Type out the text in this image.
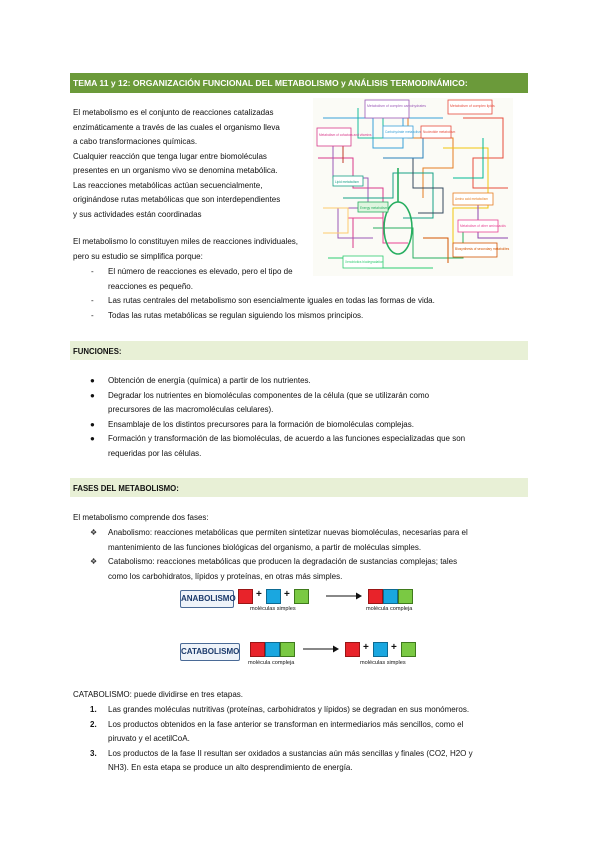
TEMA 11 y 12: ORGANIZACIÓN FUNCIONAL DEL METABOLISMO y ANÁLISIS TERMODINÁMICO:
El metabolismo es el conjunto de reacciones catalizadas
enzimáticamente a través de las cuales el organismo lleva
a cabo transformaciones químicas.
Cualquier reacción que tenga lugar entre biomoléculas
presentes en un organismo vivo se denomina metabólica.
Las reacciones metabólicas actúan secuencialmente,
originándose rutas metabólicas que son interdependientes
y sus actividades están coordinadas
Metabolism of complex carbohydrates	Metabolism of complex lipids
Metabolism of cofactors and vitamins
Carbohydrate metabolism Nucleotide metabolism
Lipid metabolism
Energy metabolism
Amino acid metabolism
Metabolism of other amino acids
Biosynthesis of secondary metabolites
Xenobiotics biodegradation
El metabolismo lo constituyen miles de reacciones individuales,
pero su estudio se simplifica porque:
- El número de reacciones es elevado, pero el tipo de
reacciones es pequeño.
- Las rutas centrales del metabolismo son esencialmente iguales en todas las formas de vida.
- Todas las rutas metabólicas se regulan siguiendo los mismos principios.
FUNCIONES:
● Obtención de energía (química) a partir de los nutrientes.
● Degradar los nutrientes en biomoléculas componentes de la célula (que se utilizarán como
precursores de las macromoléculas celulares).
● Ensamblaje de los distintos precursores para la formación de biomoléculas complejas.
● Formación y transformación de las biomoléculas, de acuerdo a las funciones especializadas que son
requeridas por las células.
FASES DEL METABOLISMO:
El metabolismo comprende dos fases:
❖ Anabolismo: reacciones metabólicas que permiten sintetizar nuevas biomoléculas, necesarias para el
mantenimiento de las funciones biológicas del organismo, a partir de moléculas simples.
❖ Catabolismo: reacciones metabólicas que producen la degradación de sustancias complejas; tales
como los carbohidratos, lípidos y proteínas, en otras más simples.
ANABOLISMO + +
moléculas simples	molécula compleja
CATABOLISMO
molécula compleja
+ +
moléculas simples
CATABOLISMO: puede dividirse en tres etapas.
1. Las grandes moléculas nutritivas (proteínas, carbohidratos y lípidos) se degradan en sus monómeros.
2. Los productos obtenidos en la fase anterior se transforman en intermediarios más sencillos, como el
piruvato y el acetilCoA.
3. Los productos de la fase II resultan ser oxidados a sustancias aún más sencillas y finales (CO2, H2O y
NH3). En esta etapa se produce un alto desprendimiento de energía.
